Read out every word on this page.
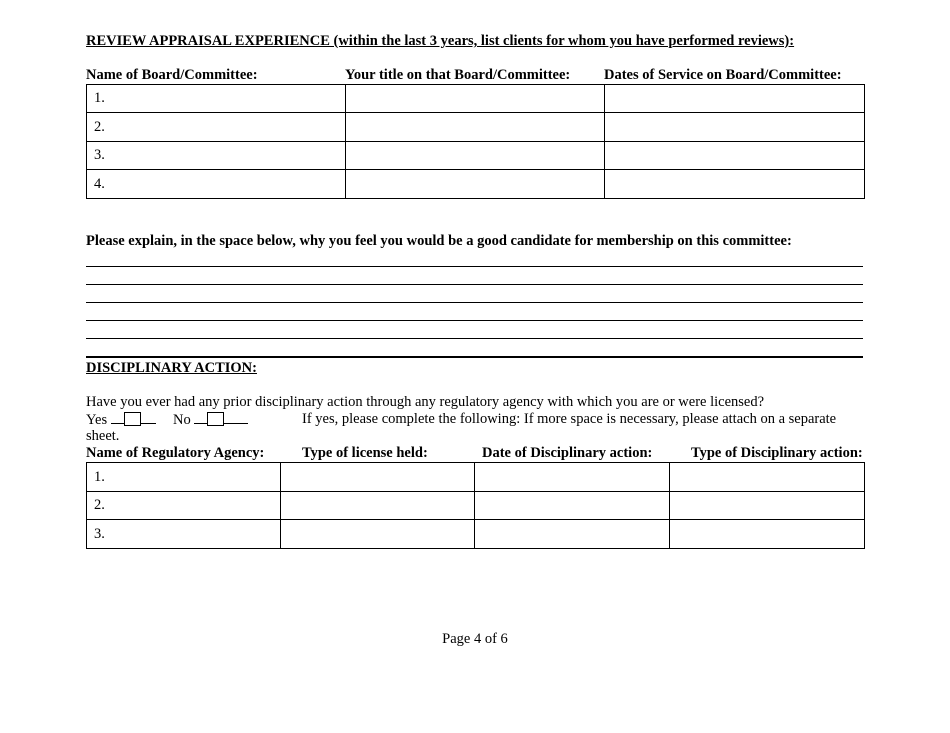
REVIEW APPRAISAL EXPERIENCE (within the last 3 years, list clients for whom you have performed reviews):
Name of Board/Committee:	Your title on that Board/Committee: Dates of Service on Board/Committee:
1.		
2.		
3.		
4.		
Please explain, in the space below, why you feel you would be a good candidate for membership on this committee:
DISCIPLINARY ACTION:
Have you ever had any prior disciplinary action through any regulatory agency with which you are or were licensed?
Yes	No	If yes, please complete the following: If more space is necessary, please attach on a separate
sheet.
Name of Regulatory Agency:	Type of license held:	Date of Disciplinary action:	Type of Disciplinary action:
1.			
2.			
3.			
Page 4 of 6
